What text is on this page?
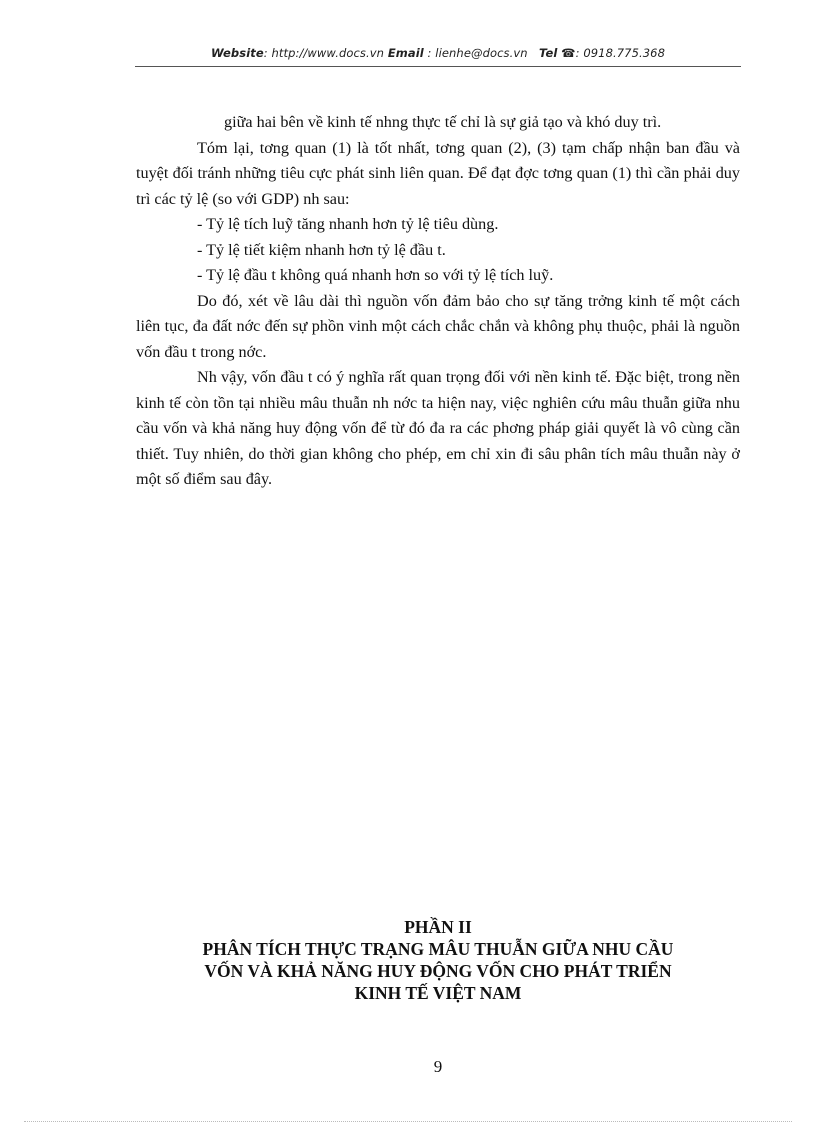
Website: http://www.docs.vn Email : lienhe@docs.vn Tel ☎: 0918.775.368

giữa hai bên về kinh tế nhng thực tế chỉ là sự giả tạo và khó duy trì.

Tóm lại, tơng quan (1) là tốt nhất, tơng quan (2), (3) tạm chấp nhận ban đầu và tuyệt đối tránh những tiêu cực phát sinh liên quan. Để đạt đợc tơng quan (1) thì cần phải duy trì các tỷ lệ (so với GDP) nh sau:

- Tỷ lệ tích luỹ tăng nhanh hơn tỷ lệ tiêu dùng.

- Tỷ lệ tiết kiệm nhanh hơn tỷ lệ đầu t.

- Tỷ lệ đầu t không quá nhanh hơn so với tỷ lệ tích luỹ.

Do đó, xét về lâu dài thì nguồn vốn đảm bảo cho sự tăng trởng kinh tế một cách liên tục, đa đất nớc đến sự phồn vinh một cách chắc chắn và không phụ thuộc, phải là nguồn vốn đầu t trong nớc.

Nh vậy, vốn đầu t có ý nghĩa rất quan trọng đối với nền kinh tế. Đặc biệt, trong nền kinh tế còn tồn tại nhiều mâu thuẫn nh nớc ta hiện nay, việc nghiên cứu mâu thuẫn giữa nhu cầu vốn và khả năng huy động vốn để từ đó đa ra các phơng pháp giải quyết là vô cùng cần thiết. Tuy nhiên, do thời gian không cho phép, em chỉ xin đi sâu phân tích mâu thuẫn này ở một số điểm sau đây.

PHẦN II
PHÂN TÍCH THỰC TRẠNG MÂU THUẪN GIỮA NHU CẦU
VỐN VÀ KHẢ NĂNG HUY ĐỘNG VỐN CHO PHÁT TRIỂN
KINH TẾ VIỆT NAM
9
